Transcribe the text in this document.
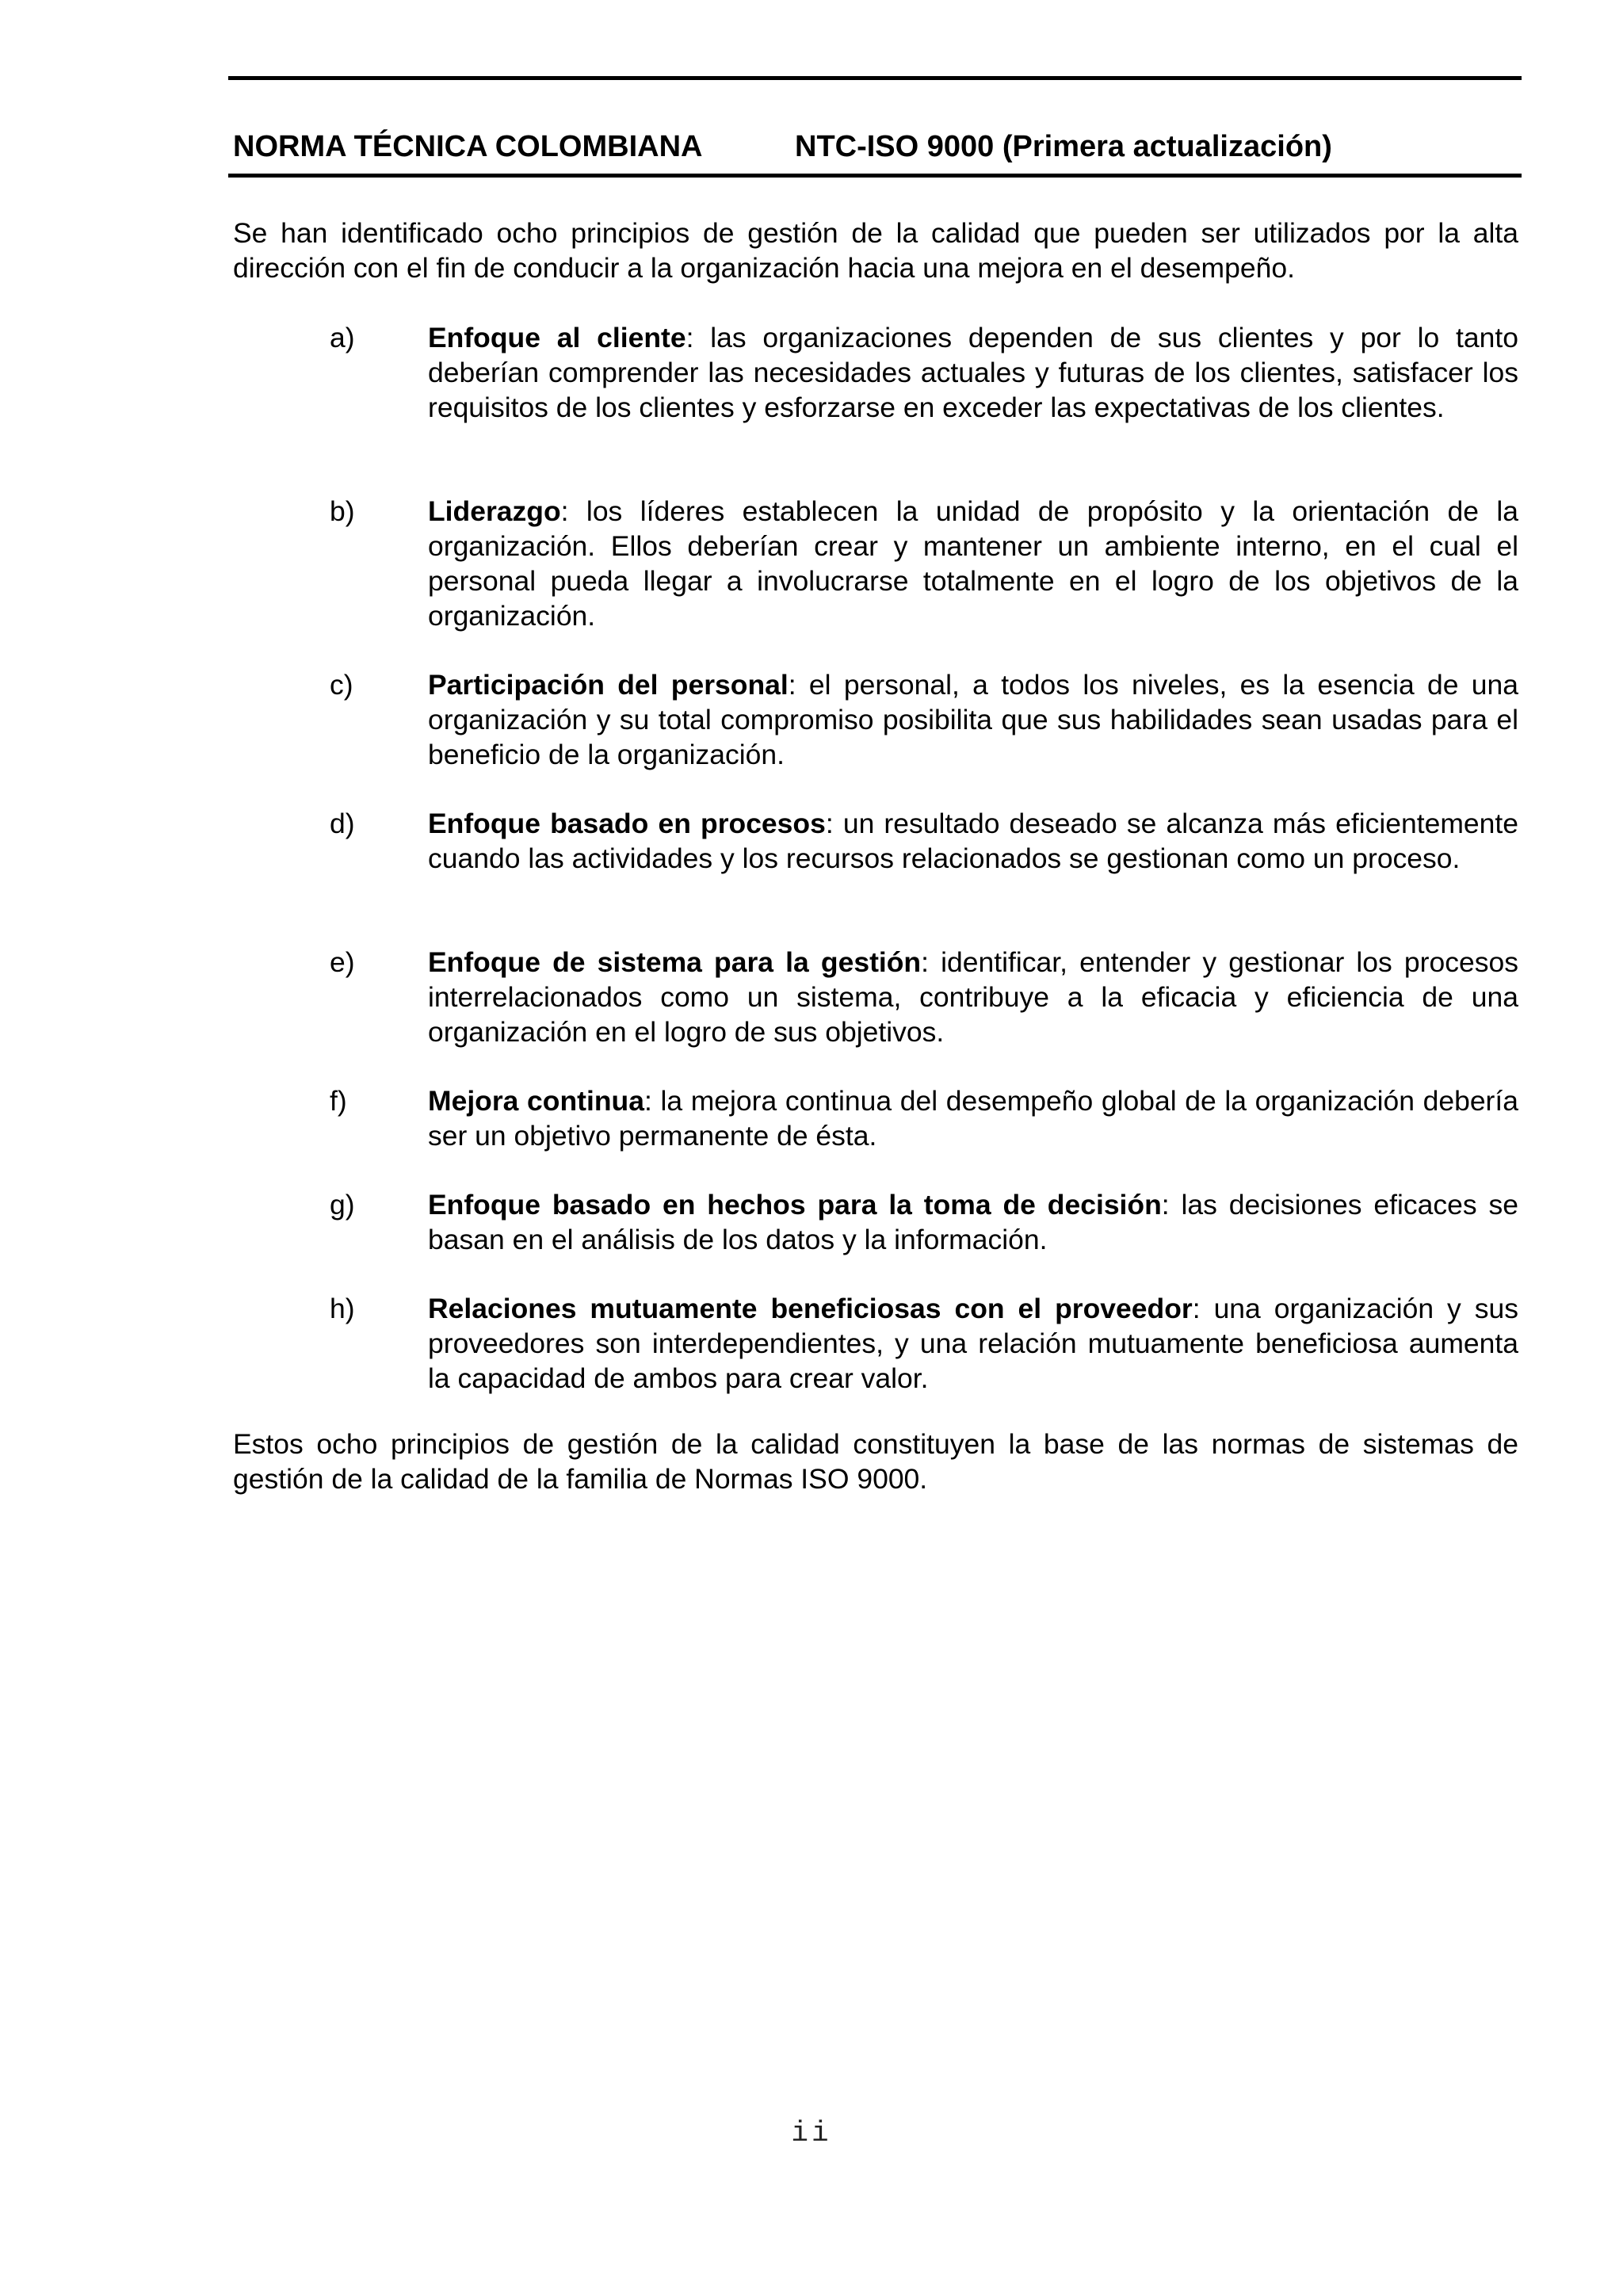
NORMA TÉCNICA COLOMBIANA	NTC-ISO 9000 (Primera actualización)

Se han identificado ocho principios de gestión de la calidad que pueden ser utilizados por la alta dirección con el fin de conducir a la organización hacia una mejora en el desempeño.

a)	Enfoque al cliente: las organizaciones dependen de sus clientes y por lo tanto deberían comprender las necesidades actuales y futuras de los clientes, satisfacer los requisitos de los clientes y esforzarse en exceder las expectativas de los clientes.
b)	Liderazgo: los líderes establecen la unidad de propósito y la orientación de la organización. Ellos deberían crear y mantener un ambiente interno, en el cual el personal pueda llegar a involucrarse totalmente en el logro de los objetivos de la organización.
c)	Participación del personal: el personal, a todos los niveles, es la esencia de una organización y su total compromiso posibilita que sus habilidades sean usadas para el beneficio de la organización.
d)	Enfoque basado en procesos: un resultado deseado se alcanza más eficientemente cuando las actividades y los recursos relacionados se gestionan como un proceso.
e)	Enfoque de sistema para la gestión: identificar, entender y gestionar los procesos interrelacionados como un sistema, contribuye a la eficacia y eficiencia de una organización en el logro de sus objetivos.
f)	Mejora continua: la mejora continua del desempeño global de la organización debería ser un objetivo permanente de ésta.
g)	Enfoque basado en hechos para la toma de decisión: las decisiones eficaces se basan en el análisis de los datos y la información.
h)	Relaciones mutuamente beneficiosas con el proveedor: una organización y sus proveedores son interdependientes, y una relación mutuamente beneficiosa aumenta la capacidad de ambos para crear valor.

Estos ocho principios de gestión de la calidad constituyen la base de las normas de sistemas de gestión de la calidad de la familia de Normas ISO 9000.

ii
